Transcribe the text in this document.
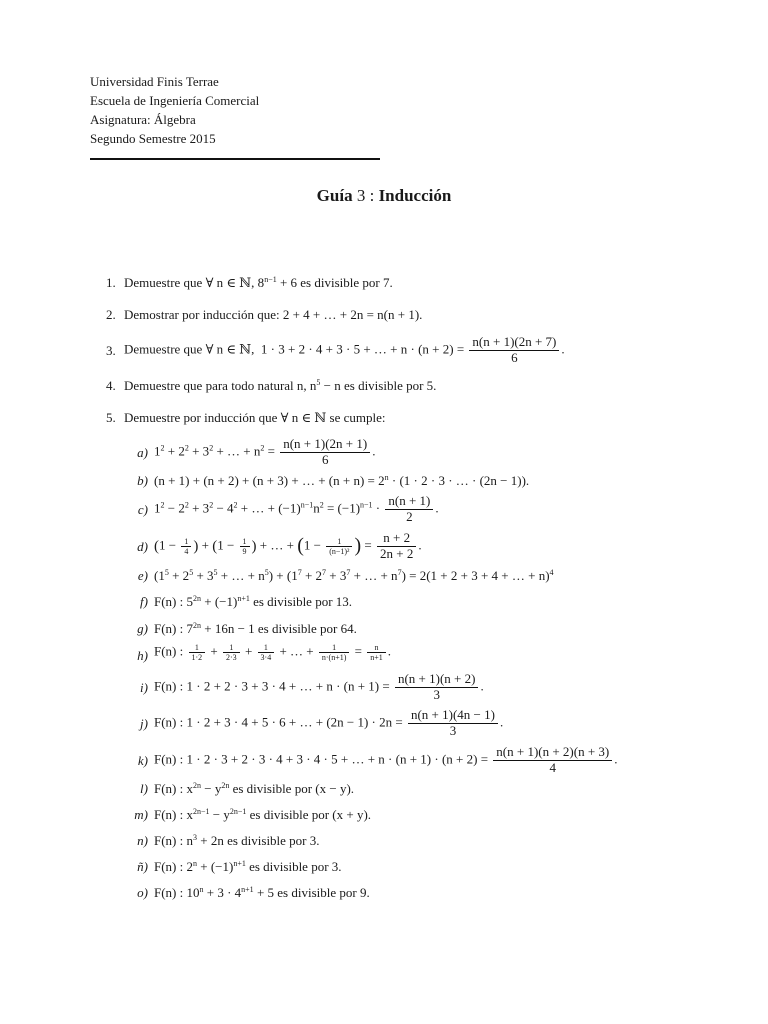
Universidad Finis Terrae
Escuela de Ingeniería Comercial
Asignatura: Álgebra
Segundo Semestre 2015
Guía 3 : Inducción
1. Demuestre que ∀ n ∈ ℕ, $8^{n-1} + 6$ es divisible por 7.
2. Demostrar por inducción que: 2 + 4 + … + 2n = n(n + 1).
3. Demuestre que ∀ n ∈ ℕ,  1 · 3 + 2 · 4 + 3 · 5 + … + $n \cdot (n + 2) = \frac{n(n + 1)(2n + 7)}{6}$ .
4. Demuestre que para todo natural n, $n^5 - n$ es divisible por 5.
5. Demuestre por inducción que ∀ n ∈ ℕ se cumple:
a) $1^2 + 2^2 + 3^2$ + … + $n^2 = \frac{n(n + 1)(2n + 1)}{6}$ .
b) (n + 1) + (n + 2) + (n + 3) + … + $(n + n) = 2^n \cdot (1 \cdot 2 \cdot 3$ · … · (2n − 1)).
c) $1^2 - 2^2 + 3^2 - 4^2$ + … + $(-1)^{n-1}n^2 = (-1)^{n-1} \cdot \frac{n(n + 1)}{2}$ .
d) ($1 - \frac{1}{4}$ ) + ($1 - \frac{1}{9}$ ) + … + ($1 - \frac{1}{\text{(n−1)²}}$ ) = $\frac{n + 2}{2n + 2}$ .
e) ($1^5 + 2^5 + 3^5$ + … + $n^5) + (1^7 + 2^7 + 3^7$ + … + $n^7) = 2(1 + 2 + 3 + 4$ + … + n)$^4$
f) F(n) : $5^{2n} + (-1)^{n+1}$ es divisible por 13.
g) F(n) : $7^{2n} + 16n - 1$ es divisible por 64.
h) F(n) : $\frac{1}{1\cdot 2} + \frac{1}{2\cdot 3} + \frac{1}{3\cdot 4}$ + … + $\frac{1}{n\cdot(n+1)} = \frac{n}{n+1}$ .
i) F(n) : 1 · 2 + 2 · 3 + 3 · 4 + … + $n \cdot (n + 1) = \frac{n(n + 1)(n + 2)}{3}$ .
j) F(n) : 1 · 2 + 3 · 4 + 5 · 6 + … + $(2n - 1) \cdot 2n = \frac{n(n + 1)(4n - 1)}{3}$ .
k) F(n) : 1 · 2 · 3 + 2 · 3 · 4 + 3 · 4 · 5 + … + $n \cdot (n + 1) \cdot (n + 2) = \frac{n(n + 1)(n + 2)(n + 3)}{4}$ .
l) F(n) : $x^{2n} - y^{2n}$ es divisible por (x − y).
m) F(n) : $x^{2n-1} - y^{2n-1}$ es divisible por (x + y).
n) F(n) : $n^3 + 2n$ es divisible por 3.
ñ) F(n) : $2^n + (-1)^{n+1}$ es divisible por 3.
o) F(n) : $10^n + 3 \cdot 4^{n+1} + 5$ es divisible por 9.
